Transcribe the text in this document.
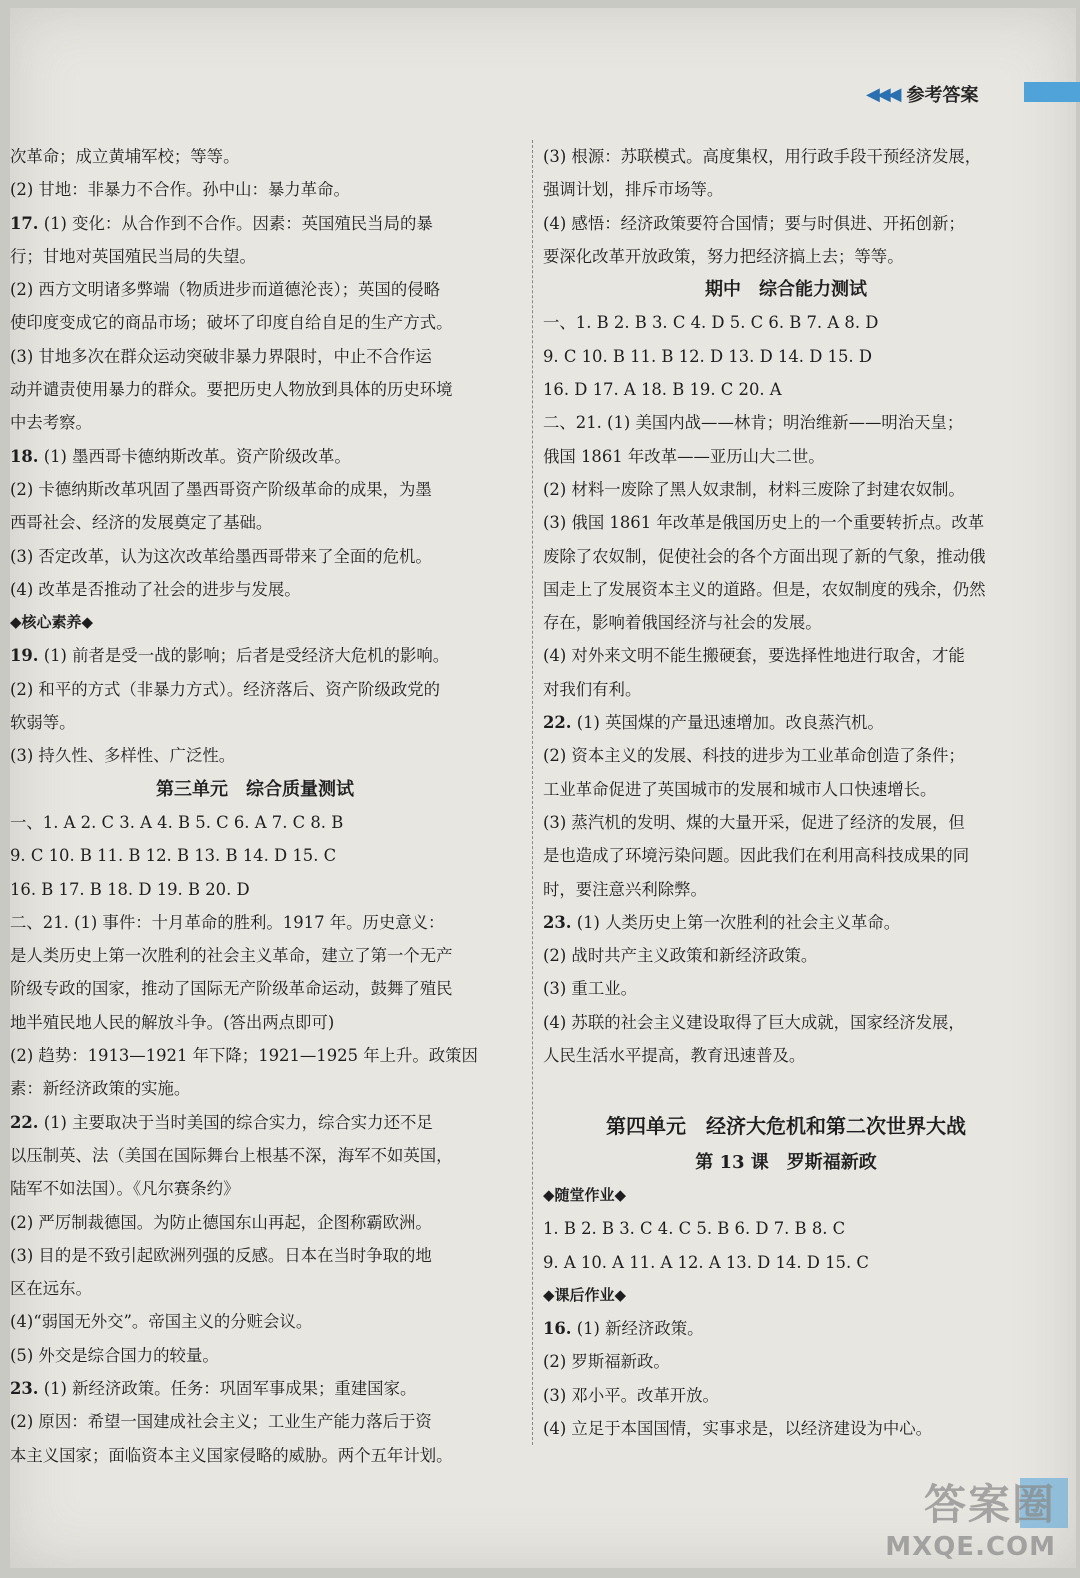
◀◀◀ 参考答案
次革命；成立黄埔军校；等等。
(2) 甘地：非暴力不合作。孙中山：暴力革命。
17. (1) 变化：从合作到不合作。因素：英国殖民当局的暴
行；甘地对英国殖民当局的失望。
(2) 西方文明诸多弊端（物质进步而道德沦丧）；英国的侵略
使印度变成它的商品市场；破坏了印度自给自足的生产方式。
(3) 甘地多次在群众运动突破非暴力界限时，中止不合作运
动并谴责使用暴力的群众。要把历史人物放到具体的历史环境
中去考察。
18. (1) 墨西哥卡德纳斯改革。资产阶级改革。
(2) 卡德纳斯改革巩固了墨西哥资产阶级革命的成果，为墨
西哥社会、经济的发展奠定了基础。
(3) 否定改革，认为这次改革给墨西哥带来了全面的危机。
(4) 改革是否推动了社会的进步与发展。
◆核心素养◆
19. (1) 前者是受一战的影响；后者是受经济大危机的影响。
(2) 和平的方式（非暴力方式）。经济落后、资产阶级政党的
软弱等。
(3) 持久性、多样性、广泛性。
第三单元　综合质量测试
一、1. A 2. C 3. A 4. B 5. C 6. A 7. C 8. B
9. C 10. B 11. B 12. B 13. B 14. D 15. C
16. B 17. B 18. D 19. B 20. D
二、21. (1) 事件：十月革命的胜利。1917 年。历史意义：
是人类历史上第一次胜利的社会主义革命，建立了第一个无产
阶级专政的国家，推动了国际无产阶级革命运动，鼓舞了殖民
地半殖民地人民的解放斗争。(答出两点即可)
(2) 趋势：1913—1921 年下降；1921—1925 年上升。政策因
素：新经济政策的实施。
22. (1) 主要取决于当时美国的综合实力，综合实力还不足
以压制英、法（美国在国际舞台上根基不深，海军不如英国，
陆军不如法国）。《凡尔赛条约》
(2) 严厉制裁德国。为防止德国东山再起，企图称霸欧洲。
(3) 目的是不致引起欧洲列强的反感。日本在当时争取的地
区在远东。
(4)“弱国无外交”。帝国主义的分赃会议。
(5) 外交是综合国力的较量。
23. (1) 新经济政策。任务：巩固军事成果；重建国家。
(2) 原因：希望一国建成社会主义；工业生产能力落后于资
本主义国家；面临资本主义国家侵略的威胁。两个五年计划。
(3) 根源：苏联模式。高度集权，用行政手段干预经济发展，
强调计划，排斥市场等。
(4) 感悟：经济政策要符合国情；要与时俱进、开拓创新；
要深化改革开放政策，努力把经济搞上去；等等。
期中　综合能力测试
一、1. B 2. B 3. C 4. D 5. C 6. B 7. A 8. D
9. C 10. B 11. B 12. D 13. D 14. D 15. D
16. D 17. A 18. B 19. C 20. A
二、21. (1) 美国内战——林肯；明治维新——明治天皇；
俄国 1861 年改革——亚历山大二世。
(2) 材料一废除了黑人奴隶制，材料三废除了封建农奴制。
(3) 俄国 1861 年改革是俄国历史上的一个重要转折点。改革
废除了农奴制，促使社会的各个方面出现了新的气象，推动俄
国走上了发展资本主义的道路。但是，农奴制度的残余，仍然
存在，影响着俄国经济与社会的发展。
(4) 对外来文明不能生搬硬套，要选择性地进行取舍，才能
对我们有利。
22. (1) 英国煤的产量迅速增加。改良蒸汽机。
(2) 资本主义的发展、科技的进步为工业革命创造了条件；
工业革命促进了英国城市的发展和城市人口快速增长。
(3) 蒸汽机的发明、煤的大量开采，促进了经济的发展，但
是也造成了环境污染问题。因此我们在利用高科技成果的同
时，要注意兴利除弊。
23. (1) 人类历史上第一次胜利的社会主义革命。
(2) 战时共产主义政策和新经济政策。
(3) 重工业。
(4) 苏联的社会主义建设取得了巨大成就，国家经济发展，
人民生活水平提高，教育迅速普及。
第四单元　经济大危机和第二次世界大战
第 13 课　罗斯福新政
◆随堂作业◆
1. B 2. B 3. C 4. C 5. B 6. D 7. B 8. C
9. A 10. A 11. A 12. A 13. D 14. D 15. C
◆课后作业◆
16. (1) 新经济政策。
(2) 罗斯福新政。
(3) 邓小平。改革开放。
(4) 立足于本国国情，实事求是，以经济建设为中心。
答案圈
MXQE.COM
